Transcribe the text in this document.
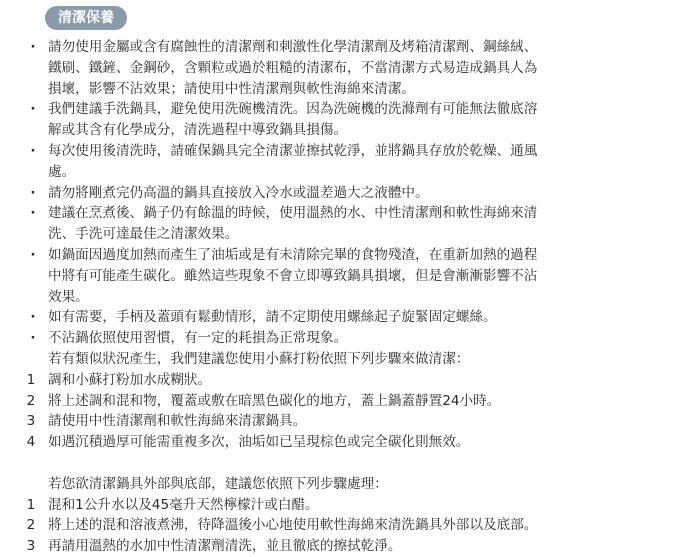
清潔保養
· 請勿使用金屬或含有腐蝕性的清潔劑和刺激性化學清潔劑及烤箱清潔劑、鋼絲絨、
鐵刷、鐵鏟、金鋼砂，含顆粒或過於粗糙的清潔布，不當清潔方式易造成鍋具人為
損壞，影響不沾效果；請使用中性清潔劑與軟性海綿來清潔。
· 我們建議手洗鍋具，避免使用洗碗機清洗。因為洗碗機的洗滌劑有可能無法徹底溶
解或其含有化學成分，清洗過程中導致鍋具損傷。
· 每次使用後清洗時，請確保鍋具完全清潔並擦拭乾淨，並將鍋具存放於乾燥、通風
處。
· 請勿將剛煮完仍高溫的鍋具直接放入冷水或溫差過大之液體中。
· 建議在烹煮後、鍋子仍有餘溫的時候，使用溫熱的水、中性清潔劑和軟性海綿來清
洗、手洗可達最佳之清潔效果。
· 如鍋面因過度加熱而產生了油垢或是有未清除完畢的食物殘渣，在重新加熱的過程
中將有可能產生碳化。雖然這些現象不會立即導致鍋具損壞，但是會漸漸影響不沾
效果。
· 如有需要，手柄及蓋頭有鬆動情形，請不定期使用螺絲起子旋緊固定螺絲。
· 不沾鍋依照使用習慣，有一定的耗損為正常現象。
若有類似狀況產生，我們建議您使用小蘇打粉依照下列步驟來做清潔：
1 調和小蘇打粉加水成糊狀。
2 將上述調和混和物，覆蓋或敷在暗黑色碳化的地方，蓋上鍋蓋靜置24小時。
3 請使用中性清潔劑和軟性海綿來清潔鍋具。
4 如遇沉積過厚可能需重複多次，油垢如已呈現棕色或完全碳化則無效。
若您欲清潔鍋具外部與底部，建議您依照下列步驟處理：
1 混和1公升水以及45毫升天然檸檬汁或白醋。
2 將上述的混和溶液煮沸，待降溫後小心地使用軟性海綿來清洗鍋具外部以及底部。
3 再請用溫熱的水加中性清潔劑清洗，並且徹底的擦拭乾淨。
